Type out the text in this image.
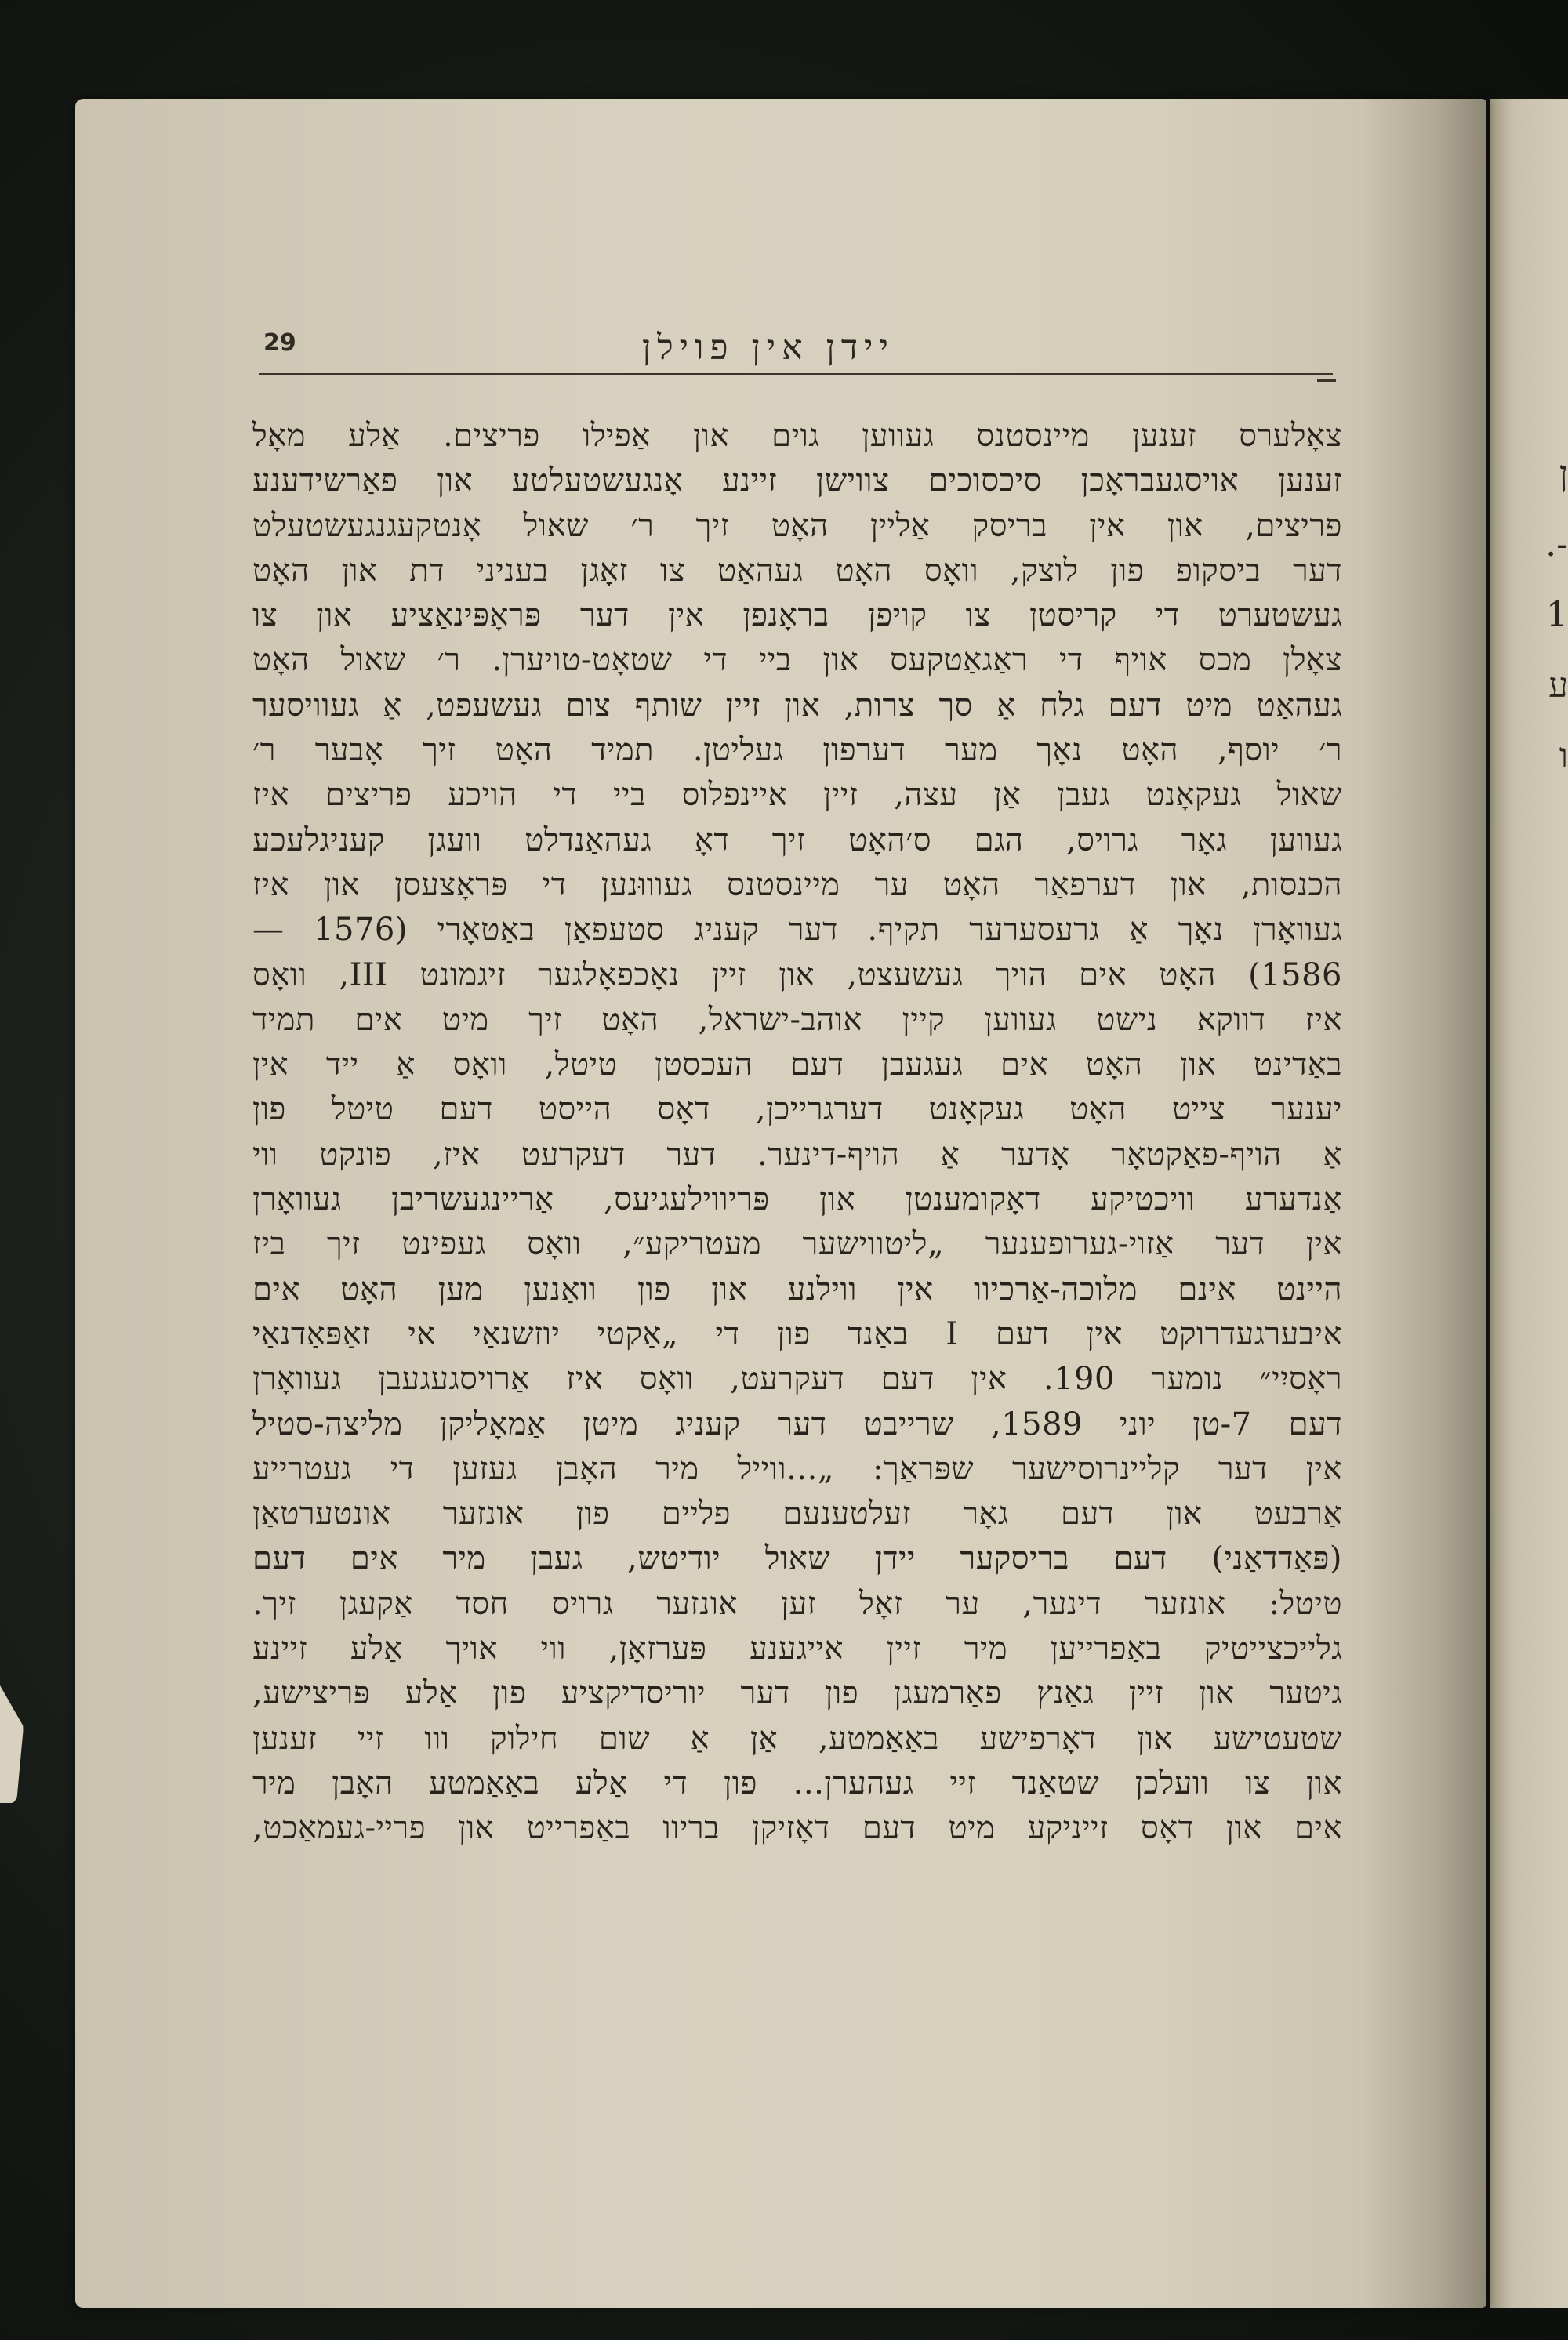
ן -. 1 ע ו
29	יידן אין פוילן
צאָלערס זענען מיינסטנס געווען גוים און אַפילו פריצים. אַלע מאָל
זענען אויסגעבראָכן סיכסוכים צווישן זיינע אָנגעשטעלטע און פאַרשידענע
פריצים, און אין בריסק אַליין האָט זיך ר׳ שאול אָנטקעגנגעשטעלט
דער ביסקופ פון לוצק, וואָס האָט געהאַט צו זאָגן בעניני דת און האָט
געשטערט די קריסטן צו קויפן בראָנפן אין דער פּראָפּינאַציע און צו
צאָלן מכס אויף די ראַגאַטקעס און ביי די שטאָט-טויערן. ר׳ שאול האָט
געהאַט מיט דעם גלח אַ סך צרות, און זיין שותף צום געשעפט, אַ געוויסער
ר׳ יוסף, האָט נאָך מער דערפון געליטן. תמיד האָט זיך אָבער ר׳
שאול געקאָנט געבן אַן עצה, זיין איינפלוס ביי די הויכע פריצים איז
געווען גאָר גרויס, הגם ס׳האָט זיך דאָ געהאַנדלט וועגן קעניגלעכע
הכנסות, און דערפאַר האָט ער מיינסטנס געוווּנען די פּראָצעסן און איז
געוואָרן נאָך אַ גרעסערער תקיף. דער קעניג סטעפאַן באַטאָרי (1576 —
1586) האָט אים הויך געשעצט, און זיין נאָכפאָלגער זיגמונט III, וואָס
איז דווקא נישט געווען קיין אוהב-ישראל, האָט זיך מיט אים תמיד
באַדינט און האָט אים געגעבן דעם העכסטן טיטל, וואָס אַ ייד אין
יענער צייט האָט געקאָנט דערגרייכן, דאָס הייסט דעם טיטל פון
אַ הויף-פאַקטאָר אָדער אַ הויף-דינער. דער דעקרעט איז, פונקט ווי
אַנדערע וויכטיקע דאָקומענטן און פּריווילעגיעס, אַריינגעשריבן געוואָרן
אין דער אַזוי-גערופענער „ליטווישער מעטריקע״, וואָס געפינט זיך ביז
היינט אינם מלוכה-אַרכיוו אין ווילנע און פון וואַנען מען האָט אים
איבערגעדרוקט אין דעם I באַנד פון די „אַקטי יוזשנאַי אי זאַפּאַדנאַי
ראָסיִי״ נומער 190. אין דעם דעקרעט, וואָס איז אַרויסגעגעבן געוואָרן
דעם 7-טן יוני 1589, שרייבט דער קעניג מיטן אַמאָליקן מליצה-סטיל
אין דער קליינרוסישער שפּראַך: „...ווייל מיר האָבן געזען די געטרייע
אַרבעט און דעם גאָר זעלטענעם פליים פון אונזער אונטערטאַן
(פּאַדדאַני) דעם בריסקער יידן שאול יודיטש, געבן מיר אים דעם
טיטל: אונזער דינער, ער זאָל זען אונזער גרויס חסד אַקעגן זיך.
גלייכצייטיק באַפרייען מיר זיין אייגענע פּערזאָן, ווי אויך אַלע זיינע
גיטער און זיין גאַנץ פאַרמעגן פון דער יוריסדיקציע פון אַלע פּריצישע,
שטעטישע און דאָרפישע באַאַמטע, אַן אַ שום חילוק ווו זיי זענען
און צו וועלכן שטאַנד זיי געהערן... פון די אַלע באַאַמטע האָבן מיר
אים און דאָס זייניקע מיט דעם דאָזיקן בריוו באַפרייט און פריי-געמאַכט,
